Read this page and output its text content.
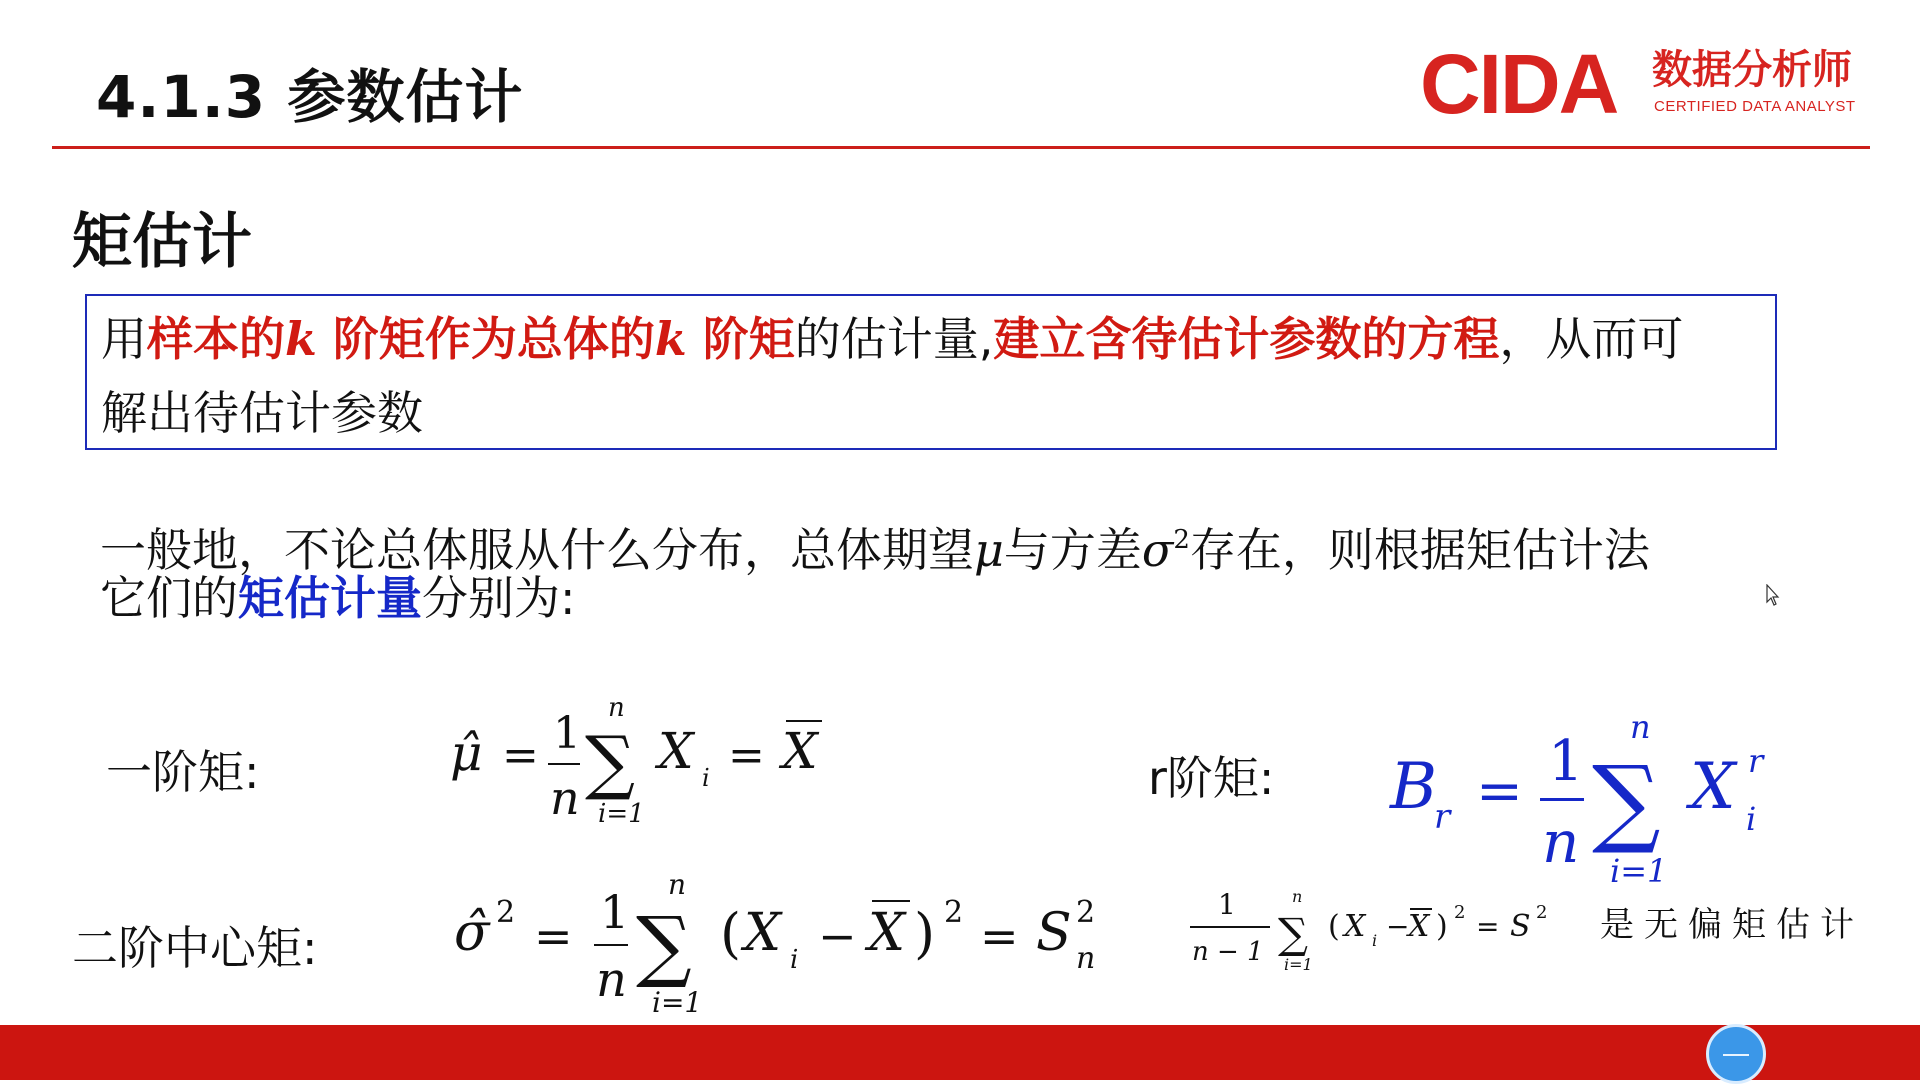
4.1.3 参数估计	CIDA 数据分析师
CERTIFIED DATA ANALYST
矩估计
用样本的k 阶矩作为总体的k 阶矩的估计量,建立含待估计参数的方程，从而可
解出待估计参数
一般地，不论总体服从什么分布，总体期望μ与方差$\sigma^2$存在，则根据矩估计法
它们的矩估计量分别为:
一阶矩:
二阶中心矩:
r阶矩:
μ̂ = 1
n ∑
n
i=1
X i = X
σ̂ 2 = 1
n ∑
n
i=1
( X i − X ) 2 = S 2
n
B
r = 1
n ∑
n
i=1
X r
i
1
n − 1 ∑
n
i=1
( X i −
X ) 2 = S 2 是无偏矩估计
